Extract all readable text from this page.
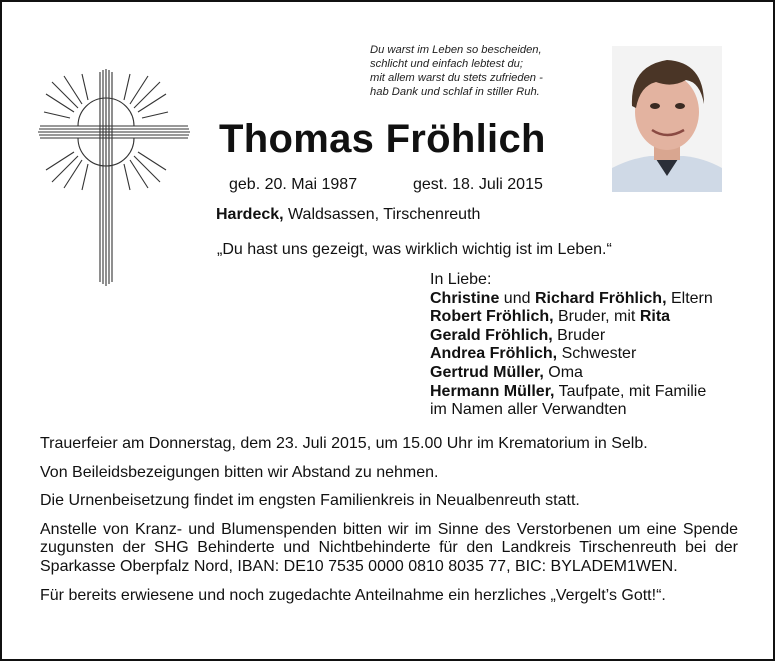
Du warst im Leben so bescheiden,
schlicht und einfach lebtest du;
mit allem warst du stets zufrieden -
hab Dank und schlaf in stiller Ruh.
Thomas Fröhlich
geb. 20. Mai 1987	gest. 18. Juli 2015
Hardeck, Waldsassen, Tirschenreuth
„Du hast uns gezeigt, was wirklich wichtig ist im Leben.“
In Liebe:
Christine und Richard Fröhlich, Eltern
Robert Fröhlich, Bruder, mit Rita
Gerald Fröhlich, Bruder
Andrea Fröhlich, Schwester
Gertrud Müller, Oma
Hermann Müller, Taufpate, mit Familie
im Namen aller Verwandten

Trauerfeier am Donnerstag, dem 23. Juli 2015, um 15.00 Uhr im Krematorium in Selb.

Von Beileidsbezeigungen bitten wir Abstand zu nehmen.

Die Urnenbeisetzung findet im engsten Familienkreis in Neualbenreuth statt.

Anstelle von Kranz- und Blumenspenden bitten wir im Sinne des Verstorbenen um eine Spende zugunsten der SHG Behinderte und Nichtbehinderte für den Landkreis Tirschenreuth bei der Sparkasse Oberpfalz Nord, IBAN: DE10 7535 0000 0810 8035 77, BIC: BYLADEM1WEN.

Für bereits erwiesene und noch zugedachte Anteilnahme ein herzliches „Vergelt’s Gott!“.
